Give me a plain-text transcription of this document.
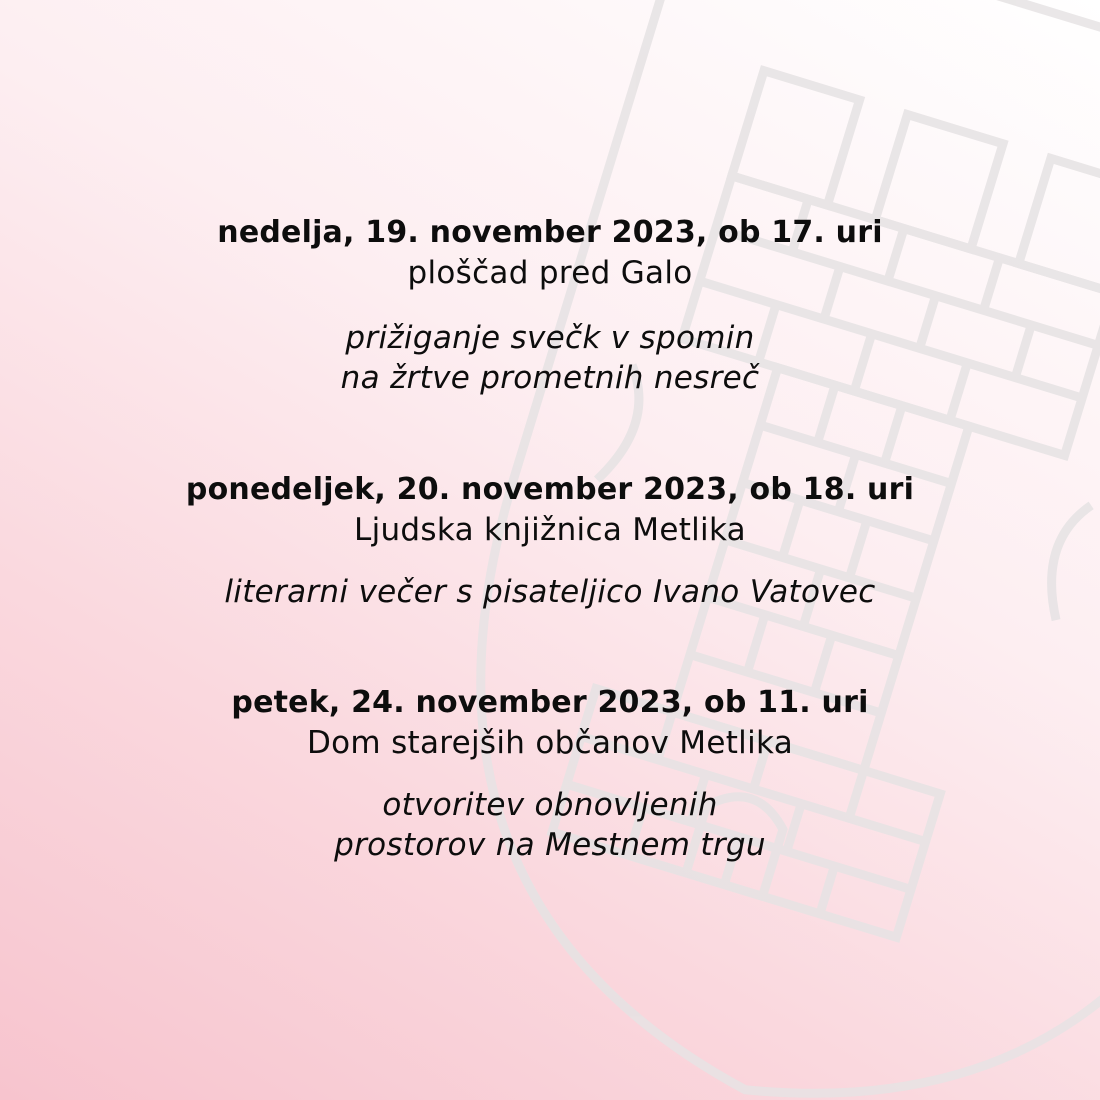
nedelja, 19. november 2023, ob 17. uri

ploščad pred Galo

prižiganje svečk v spomin

na žrtve prometnih nesreč

ponedeljek, 20. november 2023, ob 18. uri

Ljudska knjižnica Metlika

literarni večer s pisateljico Ivano Vatovec

petek, 24. november 2023, ob 11. uri

Dom starejših občanov Metlika

otvoritev obnovljenih

prostorov na Mestnem trgu
